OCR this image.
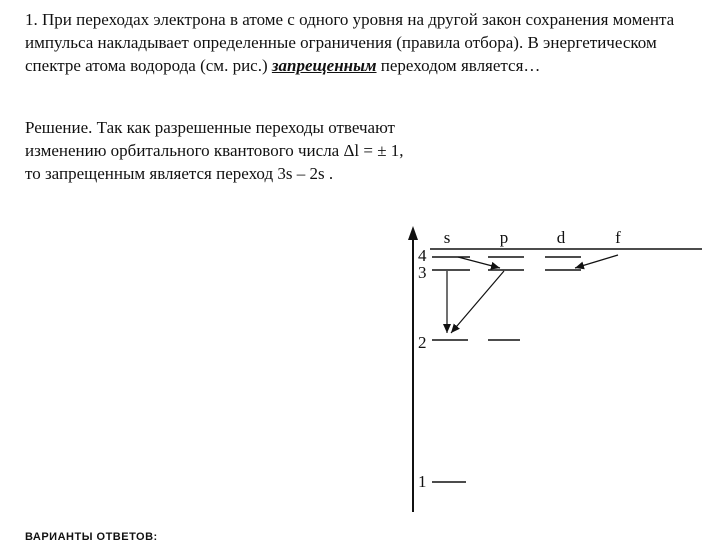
1. При переходах электрона в атоме с одного уровня на другой закон сохранения момента импульса накладывает определенные ограничения (правила отбора). В энергетическом спектре атома водорода (см. рис.) запрещенным переходом является…

Решение. Так как разрешенные переходы отвечают изменению орбитального квантового числа Δl = ± 1, то запрещенным является переход 3s – 2s .

s	p	d	f
4
3
2
1
ВАРИАНТЫ ОТВЕТОВ:
